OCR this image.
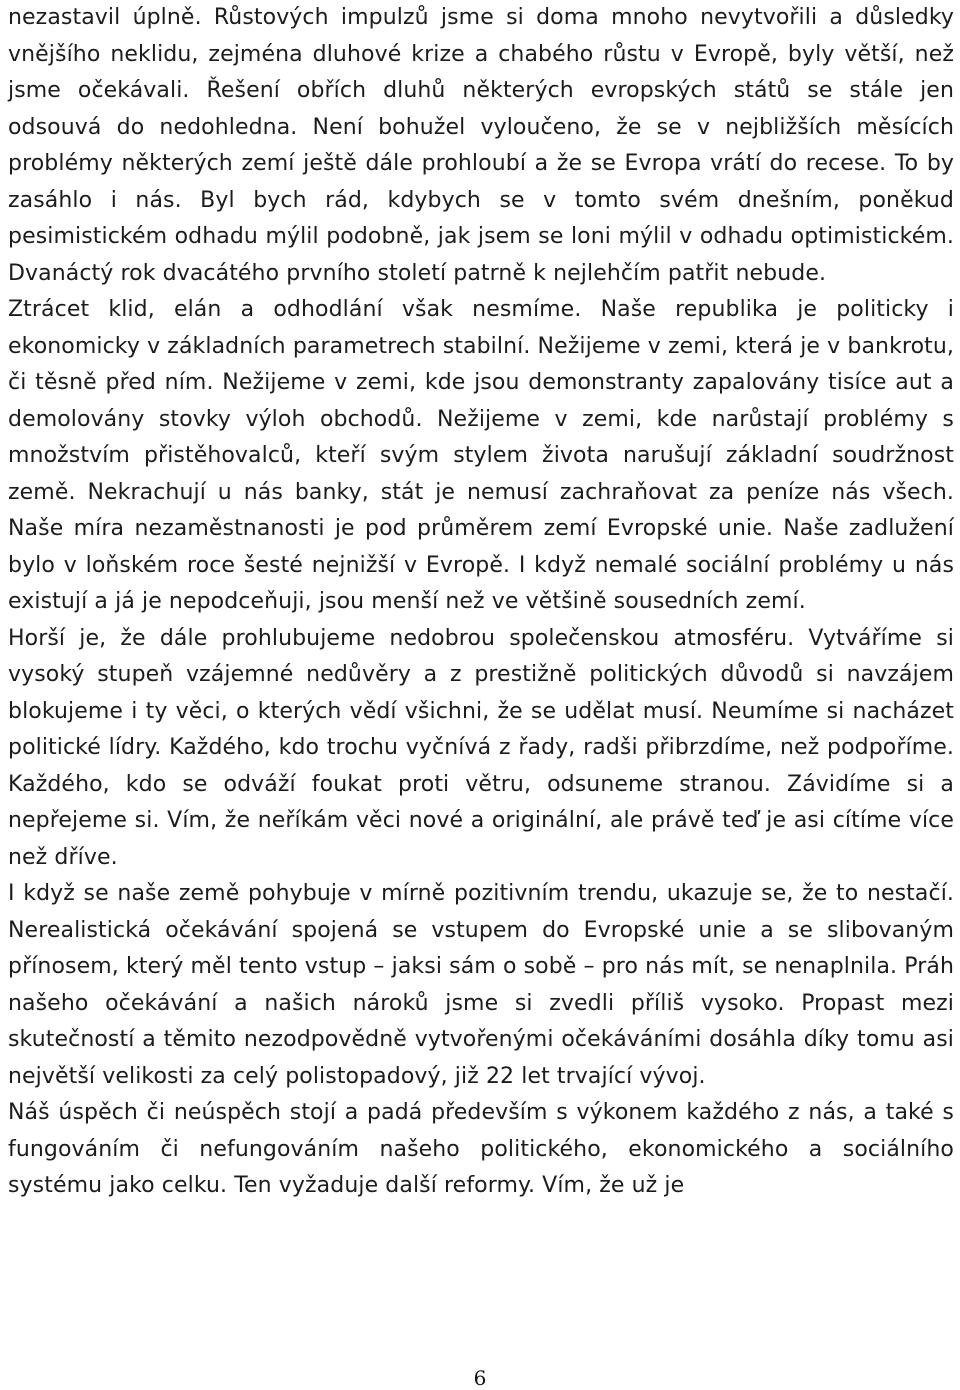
nezastavil úplně. Růstových impulzů jsme si doma mnoho nevytvořili a důsledky vnějšího neklidu, zejména dluhové krize a chabého růstu v Evropě, byly větší, než jsme očekávali. Řešení obřích dluhů některých evropských států se stále jen odsouvá do nedohledna. Není bohužel vyloučeno, že se v nejbližších měsících problémy některých zemí ještě dále prohloubí a že se Evropa vrátí do recese. To by zasáhlo i nás. Byl bych rád, kdybych se v tomto svém dnešním, poněkud pesimistickém odhadu mýlil podobně, jak jsem se loni mýlil v odhadu optimistickém. Dvanáctý rok dvacátého prvního století patrně k nejlehčím patřit nebude.

Ztrácet klid, elán a odhodlání však nesmíme. Naše republika je politicky i ekonomicky v základních parametrech stabilní. Nežijeme v zemi, která je v bankrotu, či těsně před ním. Nežijeme v zemi, kde jsou demonstranty zapalovány tisíce aut a demolovány stovky výloh obchodů. Nežijeme v zemi, kde narůstají problémy s množstvím přistěhovalců, kteří svým stylem života narušují základní soudržnost země. Nekrachují u nás banky, stát je nemusí zachraňovat za peníze nás všech. Naše míra nezaměstnanosti je pod průměrem zemí Evropské unie. Naše zadlužení bylo v loňském roce šesté nejnižší v Evropě. I když nemalé sociální problémy u nás existují a já je nepodceňuji, jsou menší než ve většině sousedních zemí.

Horší je, že dále prohlubujeme nedobrou společenskou atmosféru. Vytváříme si vysoký stupeň vzájemné nedůvěry a z prestižně politických důvodů si navzájem blokujeme i ty věci, o kterých vědí všichni, že se udělat musí. Neumíme si nacházet politické lídry. Každého, kdo trochu vyčnívá z řady, radši přibrzdíme, než podpoříme. Každého, kdo se odváží foukat proti větru, odsuneme stranou. Závidíme si a nepřejeme si. Vím, že neříkám věci nové a originální, ale právě teď je asi cítíme více než dříve.

I když se naše země pohybuje v mírně pozitivním trendu, ukazuje se, že to nestačí. Nerealistická očekávání spojená se vstupem do Evropské unie a se slibovaným přínosem, který měl tento vstup – jaksi sám o sobě – pro nás mít, se nenaplnila. Práh našeho očekávání a našich nároků jsme si zvedli příliš vysoko. Propast mezi skutečností a těmito nezodpovědně vytvořenými očekáváními dosáhla díky tomu asi největší velikosti za celý polistopadový, již 22 let trvající vývoj.

Náš úspěch či neúspěch stojí a padá především s výkonem každého z nás, a také s fungováním či nefungováním našeho politického, ekonomického a sociálního systému jako celku. Ten vyžaduje další reformy. Vím, že už je

6
